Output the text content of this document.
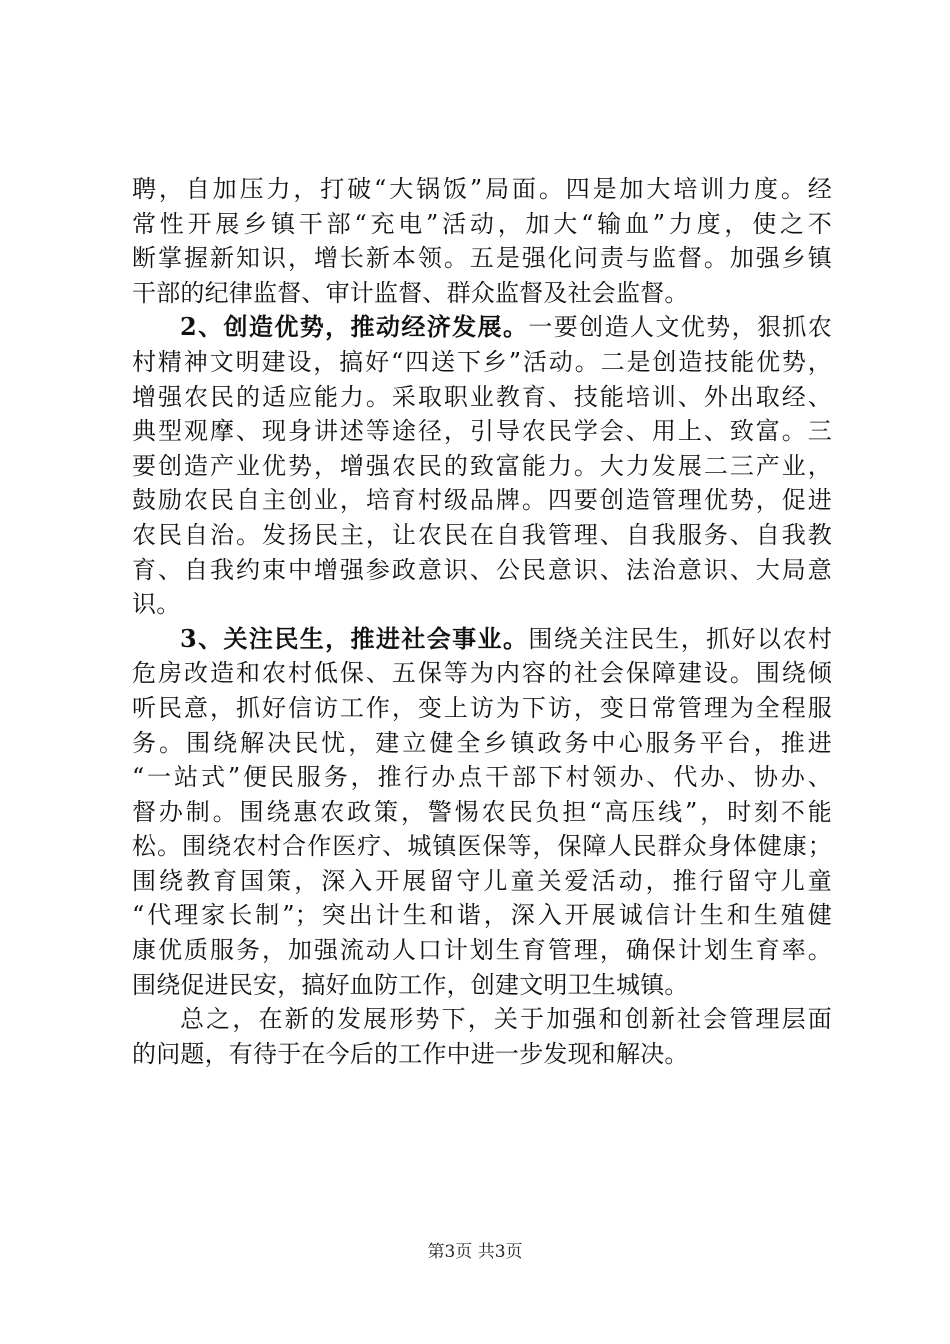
聘，自加压力，打破“大锅饭”局面。四是加大培训力度。经
常性开展乡镇干部“充电”活动，加大“输血”力度，使之不
断掌握新知识，增长新本领。五是强化问责与监督。加强乡镇
干部的纪律监督、审计监督、群众监督及社会监督。
2、创造优势，推动经济发展。一要创造人文优势，狠抓农
村精神文明建设，搞好“四送下乡”活动。二是创造技能优势，
增强农民的适应能力。采取职业教育、技能培训、外出取经、
典型观摩、现身讲述等途径，引导农民学会、用上、致富。三
要创造产业优势，增强农民的致富能力。大力发展二三产业，
鼓励农民自主创业，培育村级品牌。四要创造管理优势，促进
农民自治。发扬民主，让农民在自我管理、自我服务、自我教
育、自我约束中增强参政意识、公民意识、法治意识、大局意
识。
3、关注民生，推进社会事业。围绕关注民生，抓好以农村
危房改造和农村低保、五保等为内容的社会保障建设。围绕倾
听民意，抓好信访工作，变上访为下访，变日常管理为全程服
务。围绕解决民忧，建立健全乡镇政务中心服务平台，推进
“一站式”便民服务，推行办点干部下村领办、代办、协办、
督办制。围绕惠农政策，警惕农民负担“高压线”，时刻不能
松。围绕农村合作医疗、城镇医保等，保障人民群众身体健康；
围绕教育国策，深入开展留守儿童关爱活动，推行留守儿童
“代理家长制”；突出计生和谐，深入开展诚信计生和生殖健
康优质服务，加强流动人口计划生育管理，确保计划生育率。
围绕促进民安，搞好血防工作，创建文明卫生城镇。
总之，在新的发展形势下，关于加强和创新社会管理层面
的问题，有待于在今后的工作中进一步发现和解决。
第3页 共3页
